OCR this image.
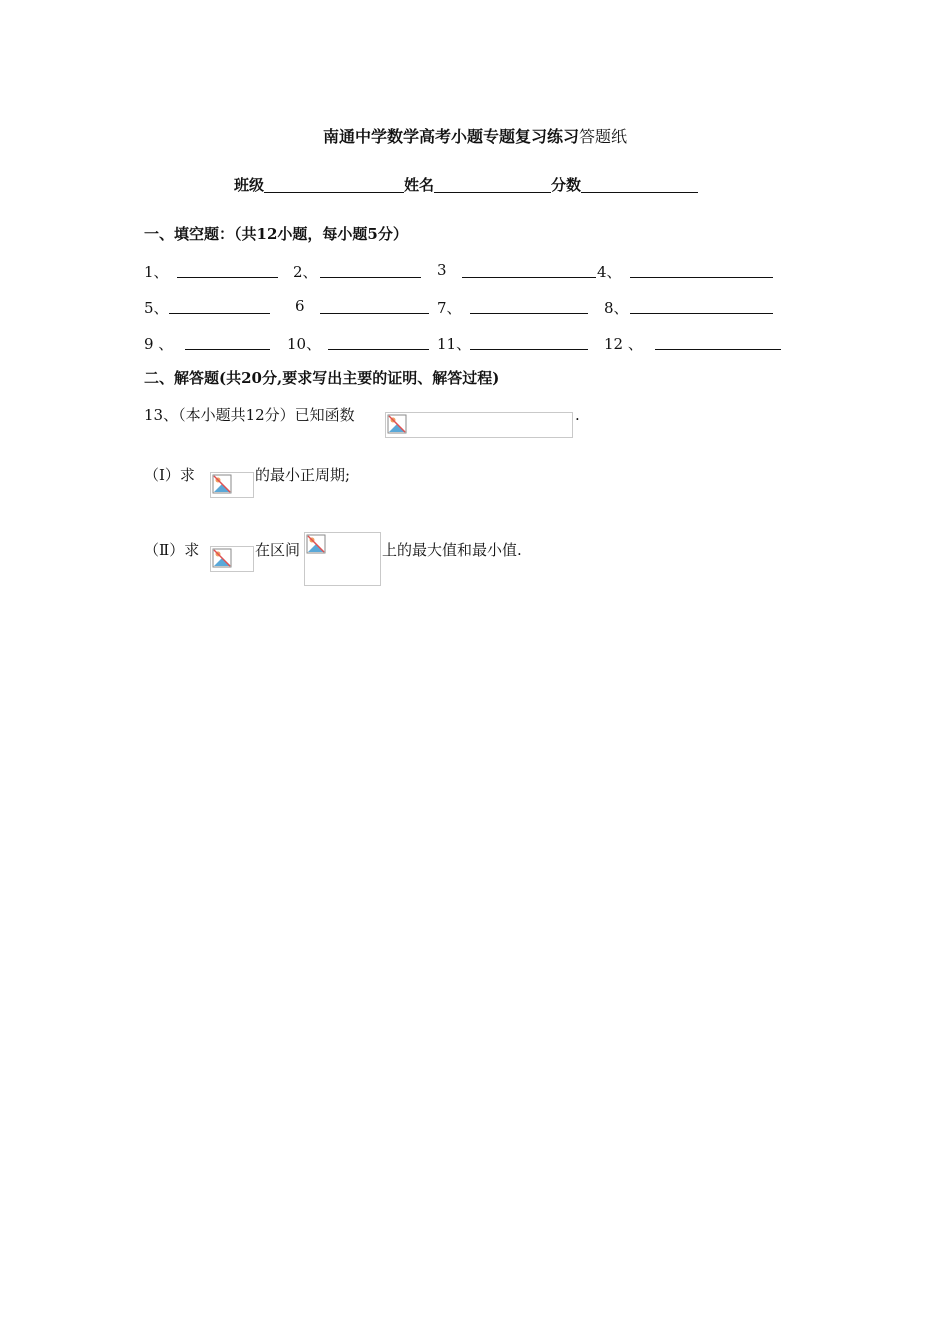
南通中学数学高考小题专题复习练习答题纸
班级	姓名	分数
一、填空题：（共12小题，每小题5分）
1、	2、	3	4、
5、	6	7、	8、
9 、	10、	11、	12 、
二、解答题(共20分,要求写出主要的证明、解答过程)
13、（本小题共12分）已知函数	.
（Ⅰ）求	的最小正周期;
（Ⅱ）求	在区间	上的最大值和最小值.
